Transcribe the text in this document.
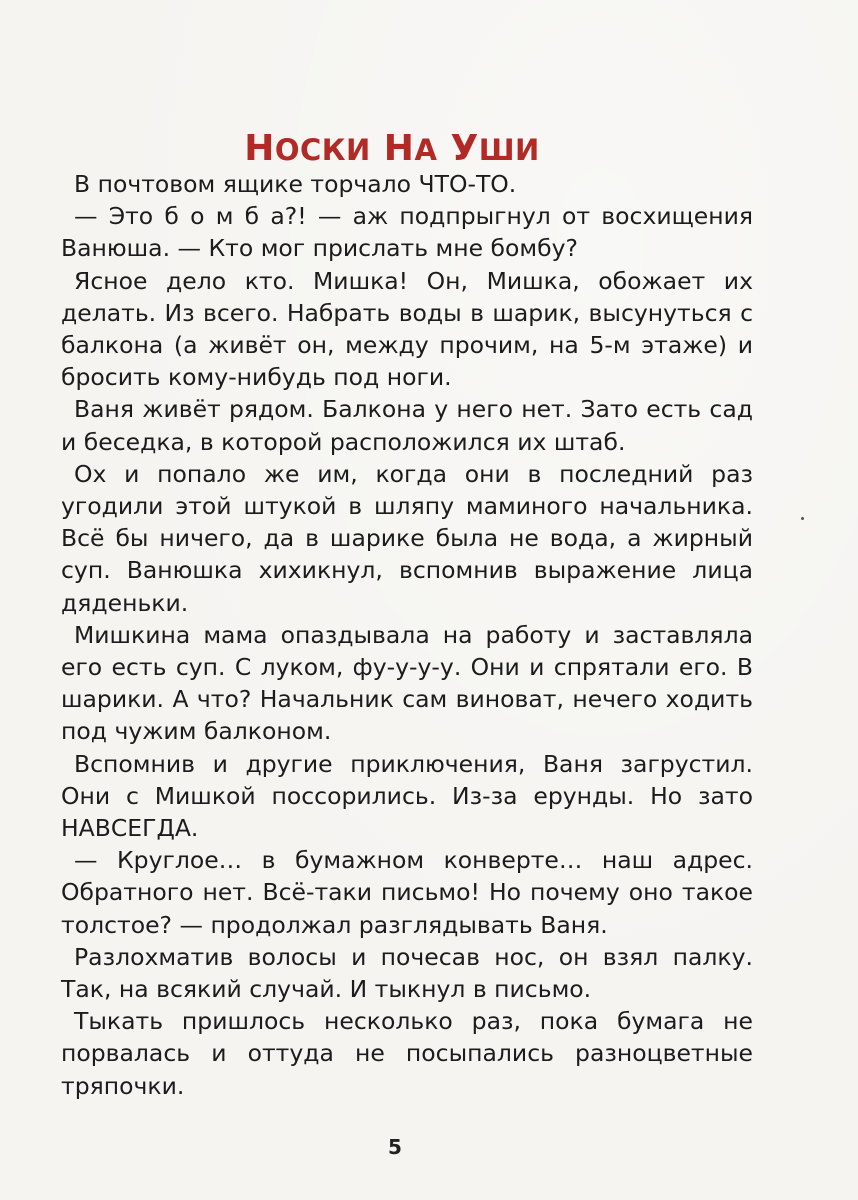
НОСКИ НА УШИ

В почтовом ящике торчало ЧТО-ТО.

— Это б о м б а?! — аж подпрыгнул от восхищения Ванюша. — Кто мог прислать мне бомбу?

Ясное дело кто. Мишка! Он, Мишка, обожает их делать. Из всего. Набрать воды в шарик, высунуться с балкона (а живёт он, между прочим, на 5-м этаже) и бросить кому-нибудь под ноги.

Ваня живёт рядом. Балкона у него нет. Зато есть сад и беседка, в которой расположился их штаб.

Ох и попало же им, когда они в последний раз угодили этой штукой в шляпу маминого начальника. Всё бы ничего, да в шарике была не вода, а жирный суп. Ванюшка хихикнул, вспомнив выражение лица дяденьки.

Мишкина мама опаздывала на работу и заставляла его есть суп. С луком, фу-у-у-у. Они и спрятали его. В шарики. А что? Начальник сам виноват, нечего ходить под чужим балконом.

Вспомнив и другие приключения, Ваня загрустил. Они с Мишкой поссорились. Из-за ерунды. Но зато НАВСЕГДА.

— Круглое… в бумажном конверте… наш адрес. Обратного нет. Всё-таки письмо! Но почему оно такое толстое? — продолжал разглядывать Ваня.

Разлохматив волосы и почесав нос, он взял палку. Так, на всякий случай. И тыкнул в письмо.

Тыкать пришлось несколько раз, пока бумага не порвалась и оттуда не посыпались разноцветные тряпочки.

5
